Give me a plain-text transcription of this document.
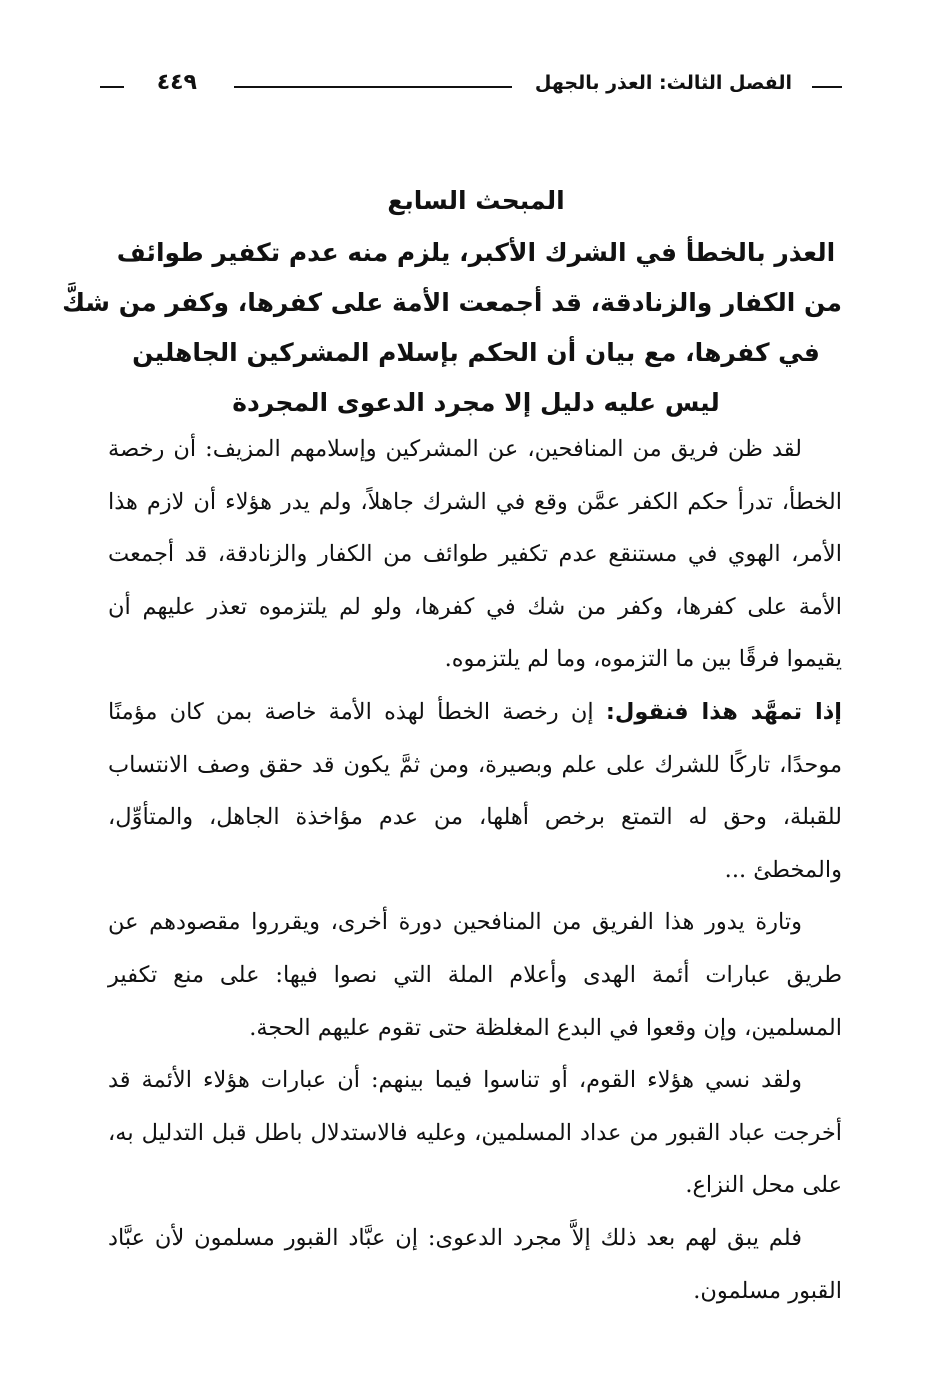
الفصل الثالث: العذر بالجهل
٤٤٩
المبحث السابع
العذر بالخطأ في الشرك الأكبر، يلزم منه عدم تكفير طوائف
من الكفار والزنادقة، قد أجمعت الأمة على كفرها، وكفر من شكَّ
في كفرها، مع بيان أن الحكم بإسلام المشركين الجاهلين
ليس عليه دليل إلا مجرد الدعوى المجردة

لقد ظن فريق من المنافحين، عن المشركين وإسلامهم المزيف: أن رخصة الخطأ، تدرأ حكم الكفر عمَّن وقع في الشرك جاهلاً، ولم يدر هؤلاء أن لازم هذا الأمر، الهوي في مستنقع عدم تكفير طوائف من الكفار والزنادقة، قد أجمعت الأمة على كفرها، وكفر من شك في كفرها، ولو لم يلتزموه تعذر عليهم أن يقيموا فرقًا بين ما التزموه، وما لم يلتزموه.

إذا تمهَّد هذا فنقول: إن رخصة الخطأ لهذه الأمة خاصة بمن كان مؤمنًا موحدًا، تاركًا للشرك على علم وبصيرة، ومن ثمَّ يكون قد حقق وصف الانتساب للقبلة، وحق له التمتع برخص أهلها، من عدم مؤاخذة الجاهل، والمتأوِّل، والمخطئ ...

وتارة يدور هذا الفريق من المنافحين دورة أخرى، ويقرروا مقصودهم عن طريق عبارات أئمة الهدى وأعلام الملة التي نصوا فيها: على منع تكفير المسلمين، وإن وقعوا في البدع المغلظة حتى تقوم عليهم الحجة.

ولقد نسي هؤلاء القوم، أو تناسوا فيما بينهم: أن عبارات هؤلاء الأئمة قد أخرجت عباد القبور من عداد المسلمين، وعليه فالاستدلال باطل قبل التدليل به، على محل النزاع.

فلم يبق لهم بعد ذلك إلاَّ مجرد الدعوى: إن عبَّاد القبور مسلمون لأن عبَّاد القبور مسلمون.
